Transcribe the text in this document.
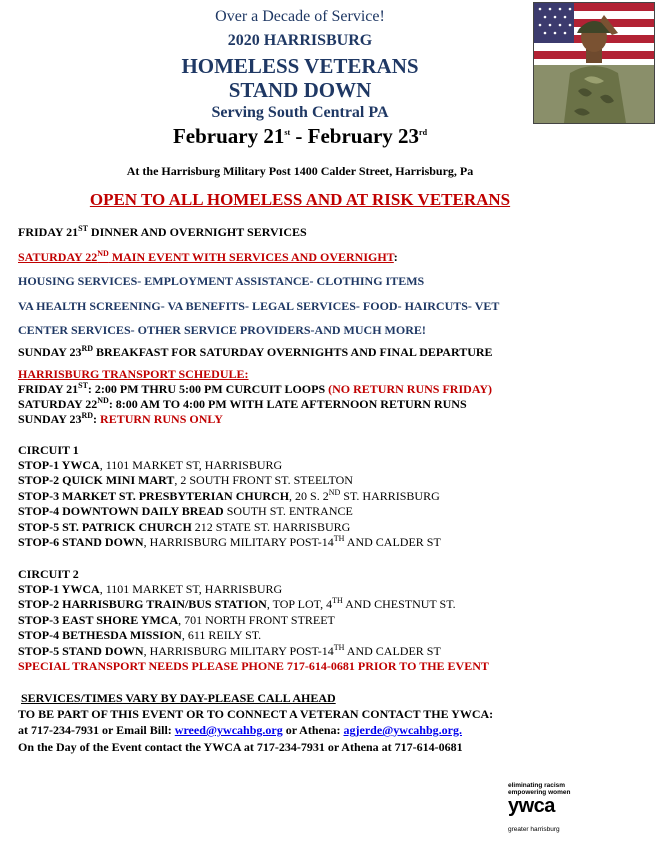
Over a Decade of Service!
2020 HARRISBURG
HOMELESS VETERANS
STAND DOWN
Serving South Central PA
February 21st - February 23rd
At the Harrisburg Military Post 1400 Calder Street, Harrisburg, Pa
OPEN TO ALL HOMELESS AND AT RISK VETERANS
FRIDAY 21ST DINNER AND OVERNIGHT SERVICES
SATURDAY 22ND MAIN EVENT WITH SERVICES AND OVERNIGHT:
HOUSING SERVICES- EMPLOYMENT ASSISTANCE- CLOTHING ITEMS
VA HEALTH SCREENING- VA BENEFITS- LEGAL SERVICES- FOOD- HAIRCUTS- VET
CENTER SERVICES- OTHER SERVICE PROVIDERS-AND MUCH MORE!
SUNDAY 23RD BREAKFAST FOR SATURDAY OVERNIGHTS AND FINAL DEPARTURE
HARRISBURG TRANSPORT SCHEDULE:
FRIDAY 21ST: 2:00 PM THRU 5:00 PM CURCUIT LOOPS (NO RETURN RUNS FRIDAY)
SATURDAY 22ND: 8:00 AM TO 4:00 PM WITH LATE AFTERNOON RETURN RUNS
SUNDAY 23RD: RETURN RUNS ONLY
CIRCUIT 1
STOP-1 YWCA, 1101 MARKET ST, HARRISBURG
STOP-2 QUICK MINI MART, 2 SOUTH FRONT ST. STEELTON
STOP-3 MARKET ST. PRESBYTERIAN CHURCH, 20 S. 2ND ST. HARRISBURG
STOP-4 DOWNTOWN DAILY BREAD SOUTH ST. ENTRANCE
STOP-5 ST. PATRICK CHURCH 212 STATE ST. HARRISBURG
STOP-6 STAND DOWN, HARRISBURG MILITARY POST-14TH AND CALDER ST
CIRCUIT 2
STOP-1 YWCA, 1101 MARKET ST, HARRISBURG
STOP-2 HARRISBURG TRAIN/BUS STATION, TOP LOT, 4TH AND CHESTNUT ST.
STOP-3 EAST SHORE YMCA, 701 NORTH FRONT STREET
STOP-4 BETHESDA MISSION, 611 REILY ST.
STOP-5 STAND DOWN, HARRISBURG MILITARY POST-14TH AND CALDER ST
SPECIAL TRANSPORT NEEDS PLEASE PHONE 717-614-0681 PRIOR TO THE EVENT
SERVICES/TIMES VARY BY DAY-PLEASE CALL AHEAD
TO BE PART OF THIS EVENT OR TO CONNECT A VETERAN CONTACT THE YWCA:
at 717-234-7931 or Email Bill: wreed@ywcahbg.org or Athena: agjerde@ywcahbg.org.
On the Day of the Event contact the YWCA at 717-234-7931 or Athena at 717-614-0681
eliminating racism
empowering women
ywca
greater harrisburg
